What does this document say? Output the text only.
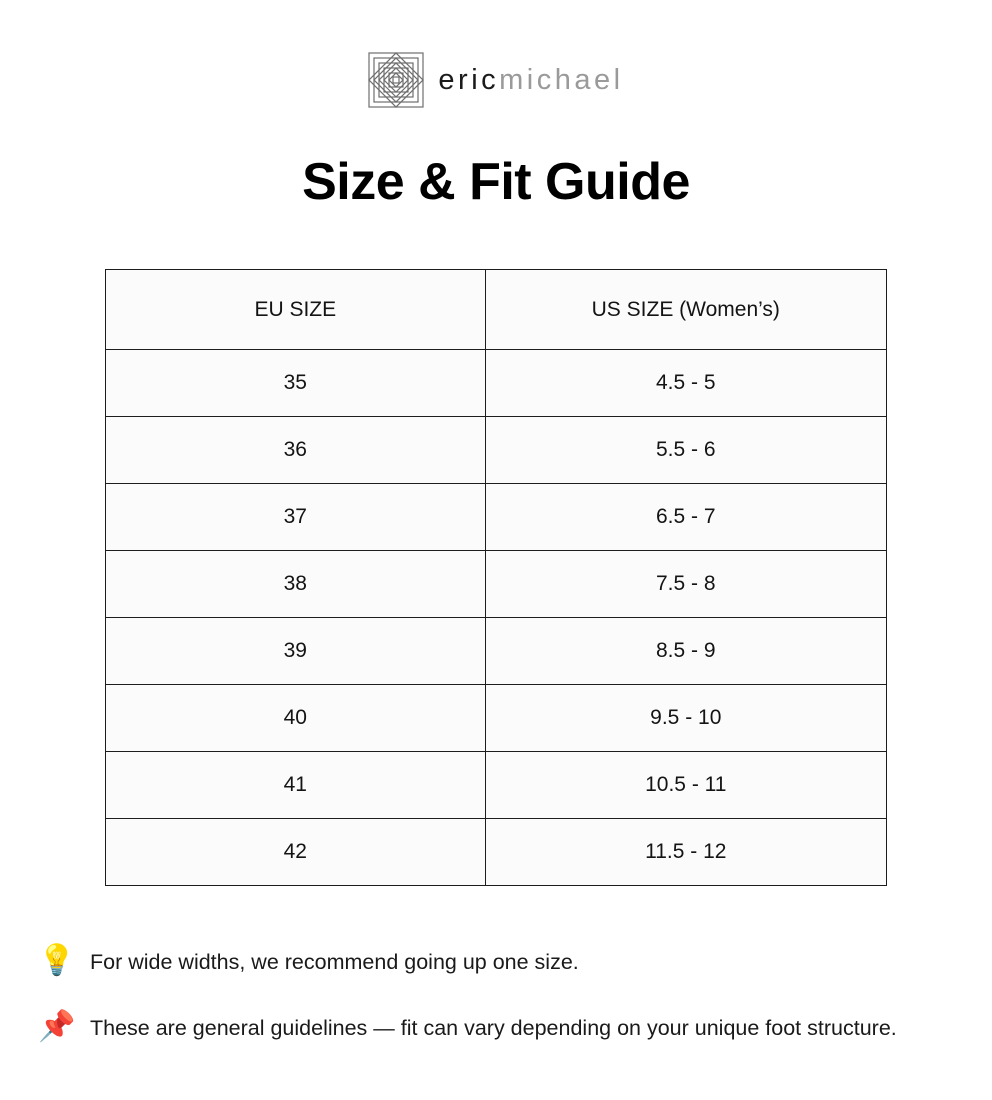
ericmichael
Size & Fit Guide
EU SIZE	US SIZE (Women’s)
35	4.5 - 5
36	5.5 - 6
37	6.5 - 7
38	7.5 - 8
39	8.5 - 9
40	9.5 - 10
41	10.5 - 11
42	11.5 - 12
💡 For wide widths, we recommend going up one size.
📌 These are general guidelines — fit can vary depending on your unique foot structure.
